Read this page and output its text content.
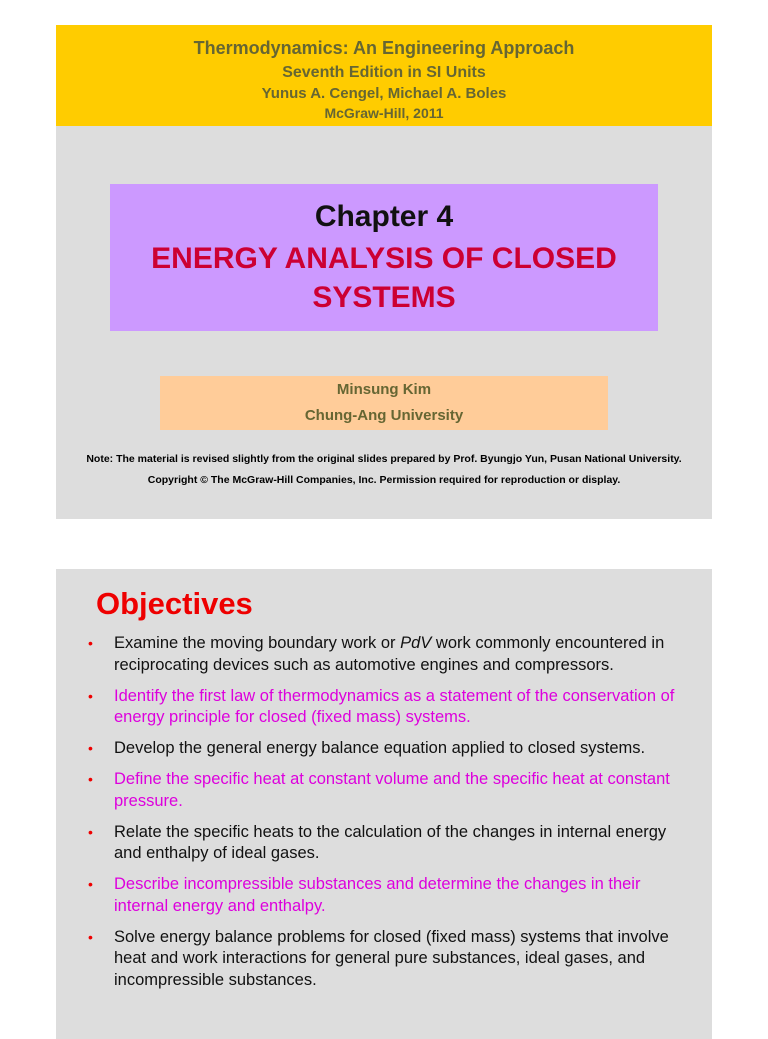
Thermodynamics: An Engineering Approach
Seventh Edition in SI Units
Yunus A. Cengel, Michael A. Boles
McGraw-Hill, 2011
Chapter 4
ENERGY ANALYSIS OF CLOSED SYSTEMS
Minsung Kim
Chung-Ang University
Note: The material is revised slightly from the original slides prepared by Prof. Byungjo Yun, Pusan National University.
Copyright © The McGraw-Hill Companies, Inc. Permission required for reproduction or display.
Objectives
• Examine the moving boundary work or PdV work commonly encountered in reciprocating devices such as automotive engines and compressors.
• Identify the first law of thermodynamics as a statement of the conservation of energy principle for closed (fixed mass) systems.
• Develop the general energy balance equation applied to closed systems.
• Define the specific heat at constant volume and the specific heat at constant pressure.
• Relate the specific heats to the calculation of the changes in internal energy and enthalpy of ideal gases.
• Describe incompressible substances and determine the changes in their internal energy and enthalpy.
• Solve energy balance problems for closed (fixed mass) systems that involve heat and work interactions for general pure substances, ideal gases, and incompressible substances.
